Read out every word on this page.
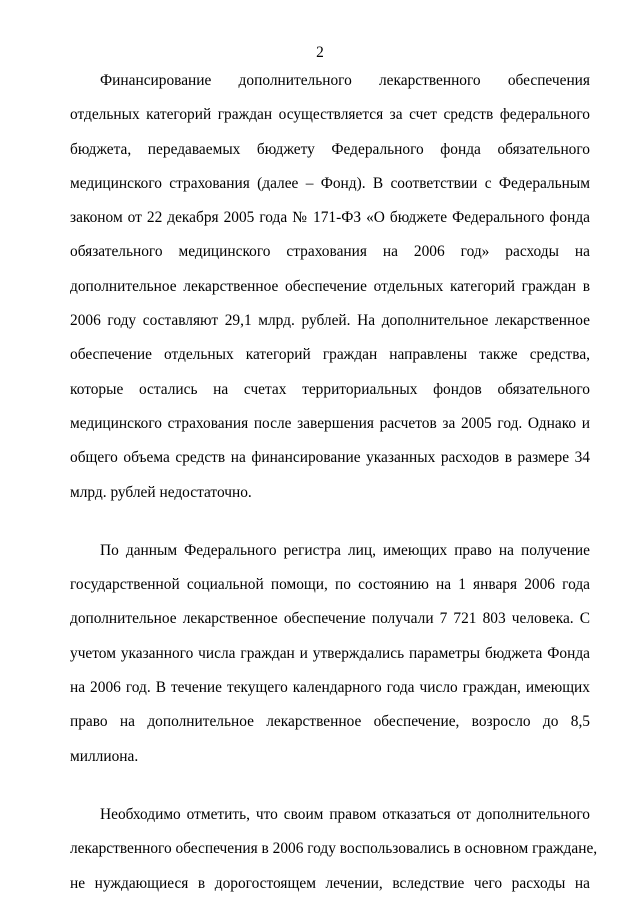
2
Финансирование дополнительного лекарственного обеспечения
отдельных категорий граждан осуществляется за счет средств федерального
бюджета, передаваемых бюджету Федерального фонда обязательного
медицинского страхования (далее – Фонд). В соответствии с Федеральным
законом от 22 декабря 2005 года № 171-ФЗ «О бюджете Федерального фонда
обязательного медицинского страхования на 2006 год» расходы на
дополнительное лекарственное обеспечение отдельных категорий граждан в
2006 году составляют 29,1 млрд. рублей. На дополнительное лекарственное
обеспечение отдельных категорий граждан направлены также средства,
которые остались на счетах территориальных фондов обязательного
медицинского страхования после завершения расчетов за 2005 год. Однако и
общего объема средств на финансирование указанных расходов в размере 34
млрд. рублей недостаточно.
По данным Федерального регистра лиц, имеющих право на получение
государственной социальной помощи, по состоянию на 1 января 2006 года
дополнительное лекарственное обеспечение получали 7 721 803 человека. С
учетом указанного числа граждан и утверждались параметры бюджета Фонда
на 2006 год. В течение текущего календарного года число граждан, имеющих
право на дополнительное лекарственное обеспечение, возросло до 8,5
миллиона.
Необходимо отметить, что своим правом отказаться от дополнительного
лекарственного обеспечения в 2006 году воспользовались в основном граждане,
не нуждающиеся в дорогостоящем лечении, вследствие чего расходы на
